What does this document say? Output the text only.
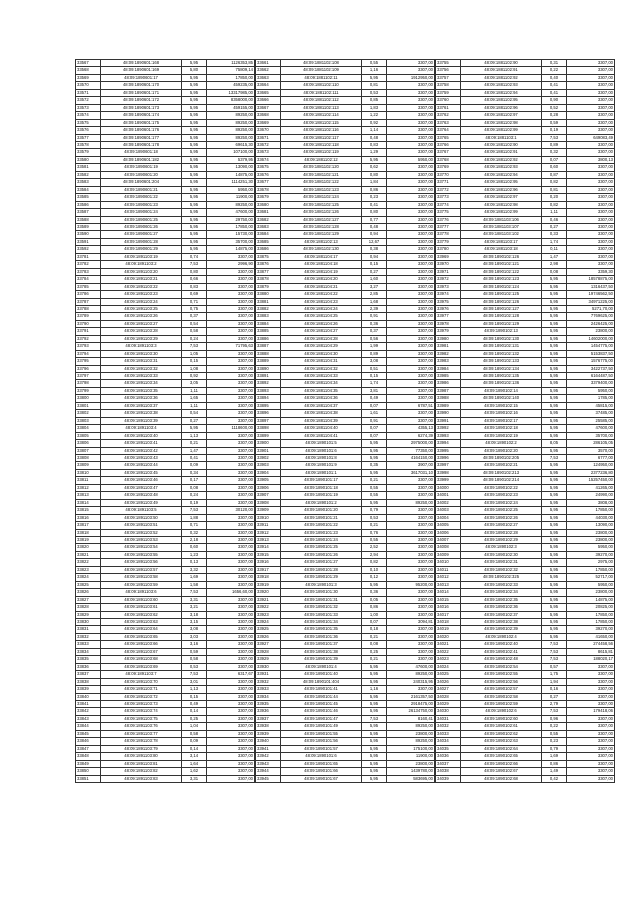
33567	48:09:1890601:168	5,95	1126353,85
33568	48:09:1890601:169	5,80	75809,14
33569	48:09:1890601:17	5,95	17850,00
33570	48:09:1890601:170	5,95	459235,00
33571	48:09:1890601:171	5,95	13317985,00
33572	48:09:1890601:172	5,95	8358000,00
33573	48:09:1890601:173	5,95	459155,00
33574	48:09:1890601:174	5,95	89250,00
33575	48:09:1890601:175	5,95	89250,00
33576	48:09:1890601:176	5,95	89250,00
33577	48:09:1890601:177	5,95	89250,00
33578	48:09:1890601:178	5,95	69615,30
33579	48:09:1890601:18	5,95	107100,00
33580	48:09:1890601:182	5,95	5379,95
33581	48:09:1890601:19	5,95	13090,00
33582	48:09:1890601:20	5,95	14875,00
33583	48:09:1890601:204	5,95	1114251,30
33584	48:09:1890601:21	5,95	5950,00
33585	48:09:1890601:22	5,95	11900,00
33586	48:09:1890601:23	5,95	89250,00
33587	48:09:1890601:24	5,95	47600,00
33588	48:09:1890601:25	5,95	29750,00
33589	48:09:1890601:26	5,95	17850,00
33590	48:09:1890601:27	5,95	15730,00
33591	48:09:1890601:28	5,95	35700,00
33592	48:09:1890601:29	5,95	14875,00
33781	48:09:1891103:19	0,74	3307,00
33782	48:09:1891103:2	7,53	2996,90
33783	48:09:1891103:20	0,80	3307,00
33784	48:09:1891103:21	0,66	3307,00
33785	48:09:1891103:22	0,83	3307,00
33786	48:09:1891103:23	0,69	3307,00
33787	48:09:1891103:24	0,71	3307,00
33788	48:09:1891103:25	0,75	3307,00
33789	48:09:1891103:26	0,37	3307,00
33790	48:09:1891103:27	0,54	3307,00
33791	48:09:1891103:28	0,58	3307,00
33792	48:09:1891103:29	0,24	3307,00
33793	48:09:1891103:3	7,53	71795,63
33794	48:09:1891103:30	1,05	3307,00
33795	48:09:1891103:31	0,15	3307,00
33796	48:09:1891103:32	1,08	3307,00
33797	48:09:1891103:33	0,92	3307,00
33798	48:09:1891103:34	3,05	3307,00
33799	48:09:1891103:35	1,11	3307,00
33800	48:09:1891103:36	1,65	3307,00
33801	48:09:1891103:37	1,11	3307,00
33802	48:09:1891103:38	0,54	3307,00
33803	48:09:1891103:39	0,27	3307,00
33804	48:09:1891103:4	5,95	1118600,00
33805	48:09:1891103:40	1,13	3307,00
33806	48:09:1891103:41	0,21	3307,00
33807	48:09:1891103:42	1,47	3307,00
33808	48:09:1891103:43	0,41	3307,00
33809	48:09:1891103:44	0,09	3307,00
33810	48:09:1891103:45	0,34	3307,00
33811	48:09:1891103:46	0,17	3307,00
33812	48:09:1891103:47	0,08	3307,00
33813	48:09:1891103:48	0,24	3307,00
33814	48:09:1891103:49	0,19	3307,00
33815	48:09:1891103:5	7,53	30120,00
33816	48:09:1891103:50	1,88	3307,00
33817	48:09:1891103:51	0,71	3307,00
33818	48:09:1891103:52	0,32	3307,00
33819	48:09:1891103:53	2,18	3307,00
33820	48:09:1891103:54	0,60	3307,00
33821	48:09:1891103:55	1,23	3307,00
33822	48:09:1891103:56	0,13	3307,00
33823	48:09:1891103:57	3,32	3307,00
33824	48:09:1891103:58	1,69	3307,00
33825	48:09:1891103:59	1,58	3307,00
33826	48:09:1891103:6	7,53	1656,60,00
33827	48:09:1891103:60	3,31	3307,00
33828	48:09:1891103:61	3,21	3307,00
33829	48:09:1891103:62	3,18	3307,00
33830	48:09:1891103:63	3,15	3307,00
33831	48:09:1891103:64	3,08	3307,00
33832	48:09:1891103:65	3,03	3307,00
33833	48:09:1891103:66	3,16	3307,00
33834	48:09:1891103:67	0,59	3307,00
33835	48:09:1891103:68	0,58	3307,00
33836	48:09:1891103:69	0,53	3307,00
33837	48:09:1891103:7	7,53	6317,67
33838	48:09:1891103:70	3,01	3307,00
33839	48:09:1891103:71	1,13	3307,00
33840	48:09:1891103:72	0,15	3307,00
33841	48:09:1891103:73	0,49	3307,00
33842	48:09:1891103:74	0,14	3307,00
33843	48:09:1891103:75	0,25	3307,00
33844	48:09:1891103:76	1,04	3307,00
33845	48:09:1891103:77	0,58	3307,00
33846	48:09:1891103:78	0,09	3307,00
33847	48:09:1891103:79	0,14	3307,00
33848	48:09:1891103:80	3,14	3307,00
33849	48:09:1891103:81	1,64	3307,00
33850	48:09:1891103:82	1,62	3307,00
33851	48:09:1891103:83	3,31	3307,00
33661	48:09:1881102:108	0,55	3307,00
33662	48:09:1881102:109	1,16	3307,00
33663	48:09:1881102:11	5,95	1912950,00
33664	48:09:1881102:110	0,81	3307,00
33665	48:09:1881102:111	0,53	3307,00
33666	48:09:1881102:112	0,85	3307,00
33667	48:09:1881102:113	1,83	3307,00
33668	48:09:1881102:114	1,22	3307,00
33669	48:09:1881102:115	0,92	3307,00
33670	48:09:1881102:116	1,14	3307,00
33671	48:09:1881102:117	0,48	3307,00
33672	48:09:1881102:118	0,83	3307,00
33673	48:09:1881102:119	1,29	3307,00
33674	48:09:1881102:12	5,95	5950,00
33675	48:09:1881102:120	0,62	3307,00
33676	48:09:1881102:121	0,80	3307,00
33677	48:09:1881102:122	1,84	3307,00
33678	48:09:1881102:123	0,86	3307,00
33679	48:09:1881102:124	0,23	3307,00
33680	48:09:1881102:125	0,41	3307,00
33681	48:09:1881102:126	0,80	3307,00
33682	48:09:1881102:127	0,77	3307,00
33683	48:09:1881102:128	0,48	3307,00
33684	48:09:1881102:129	0,94	3307,00
33685	48:09:1881102:13	12,67	3307,00
33686	48:09:1881102:130	0,38	3307,00
33875	48:09:1881104:17	0,94	3307,00
33876	48:09:1881104:18	0,15	3307,00
33877	48:09:1881104:19	0,27	3307,00
33878	48:09:1881104:20	1,60	3307,00
33879	48:09:1881104:21	3,27	3307,00
33880	48:09:1881104:22	2,85	3307,00
33881	48:09:1881104:23	1,68	3307,00
33882	48:09:1881104:24	2,39	3307,00
33883	48:09:1881104:25	0,91	3307,00
33884	48:09:1881104:26	0,36	3307,00
33885	48:09:1881104:27	0,37	3307,00
33886	48:09:1881104:28	0,56	3307,00
33887	48:09:1881104:29	1,99	3307,00
33888	48:09:1881104:30	0,89	3307,00
33889	48:09:1881104:31	3,08	3307,00
33890	48:09:1881104:32	0,51	3307,00
33891	48:09:1881104:33	0,15	3307,00
33892	48:09:1881104:34	1,74	3307,00
33893	48:09:1881104:35	3,81	3307,00
33894	48:09:1881104:36	0,49	3307,00
33895	48:09:1881104:37	0,07	6787,51
33896	48:09:1881104:38	1,61	3307,00
33897	48:09:1881104:39	0,91	3307,00
33898	48:09:1881104:40	0,07	4355,13
33899	48:09:1881104:41	0,07	6274,39
33900	48:09:1890101:5	5,95	2975000,00
33901	48:09:1890101:6	5,95	77350,00
33902	48:09:1890101:8	5,95	4164150,00
33903	48:09:1890101:9	0,35	3907,00
33904	48:09:1890101:1	5,95	3617031,10
33905	48:09:1890101:17	0,21	3307,00
33906	48:09:1890101:18	0,55	3307,00
33907	48:09:1890101:19	0,55	3307,00
33908	48:09:1890101:2	5,95	89250,00
33909	48:09:1890101:20	0,79	3307,00
33910	48:09:1890101:21	0,53	3307,00
33911	48:09:1890101:22	0,21	3307,00
33912	48:09:1890101:23	0,76	3307,00
33913	48:09:1890101:24	0,55	3307,00
33914	48:09:1890101:25	2,52	3307,00
33915	48:09:1890101:26	2,94	3307,00
33916	48:09:1890101:27	0,82	3307,00
33917	48:09:1890101:28	0,10	3307,00
33918	48:09:1890101:29	0,12	3307,00
33919	48:09:1890101:3	5,95	95200,00
33920	48:09:1890101:30	0,36	3307,00
33921	48:09:1890101:31	0,05	3307,00
33922	48:09:1890101:32	0,86	3307,00
33923	48:09:1890101:33	1,00	3307,00
33924	48:09:1890101:34	0,07	3094,81
33925	48:09:1890101:35	0,18	3307,00
33926	48:09:1890101:36	0,21	3307,00
33927	48:09:1890101:37	0,08	3307,00
33928	48:09:1890101:38	0,25	3307,00
33929	48:09:1890101:39	0,21	3307,00
33930	48:09:1890101:4	5,95	47600,00
33931	48:09:1890101:40	5,95	89250,00
33932	48:09:1890101:404	5,95	240315,95
33933	48:09:1890101:41	1,16	3307,00
33934	48:09:1890101:44	5,95	2161357,50
33935	48:09:1890101:45	5,95	2918475,00
33936	48:09:1890101:46	5,95	26134750,00
33937	48:09:1890101:47	7,53	8160,41
33938	48:09:1890101:49	5,95	89250,00
33939	48:09:1890101:55	5,95	23800,00
33940	48:09:1890101:56	5,95	89250,00
33941	48:09:1890101:57	5,95	175100,00
33942	48:09:1890101:6	5,95	11900,00
33943	48:09:1890101:65	5,95	23800,00
33944	48:09:1890101:66	5,95	1439780,00
33945	48:09:1890101:67	5,95	583695,00
33755	48:09:1881102:90	0,31	3307,00
33756	48:09:1881102:91	0,22	3307,00
33757	48:09:1881102:92	0,40	3307,00
33758	48:09:1881102:93	0,41	3307,00
33759	48:09:1881102:94	0,41	3307,00
33760	48:09:1881102:95	0,90	3307,00
33761	48:09:1881102:96	0,52	3307,00
33762	48:09:1881102:97	0,28	3307,00
33763	48:09:1881102:98	0,59	3307,00
33764	48:09:1881102:99	0,19	3307,00
33765	48:09:1881103:1	7,53	649083,49
33766	48:09:1881102:90	0,89	3307,00
33767	48:09:1881102:91	0,32	3307,00
33768	48:09:1881102:92	0,07	3800,13
33769	48:09:1881102:93	0,60	3307,00
33770	48:09:1881102:94	0,87	3307,00
33771	48:09:1881102:95	0,82	3307,00
33772	48:09:1881102:96	0,81	3307,00
33773	48:09:1881102:97	0,20	3307,00
33774	48:09:1881102:98	0,82	3307,00
33775	48:09:1881102:99	1,11	3307,00
33776	48:09:1881103:106	0,46	3307,00
33777	48:09:1881103:107	0,27	3307,00
33778	48:09:1881103:102	0,33	3307,00
33779	48:09:1881103:17	1,74	3307,00
33780	48:09:1881103:18	0,11	3307,00
33969	48:09:1890102:126	1,47	3307,00
33970	48:09:1890102:121	2,98	3307,00
33971	48:09:1890102:122	0,08	3359,30
33972	48:09:1890102:123	5,95	18578875,00
33973	48:09:1890102:124	5,95	1316437,50
33974	48:09:1890102:125	5,95	19746562,50
33975	48:09:1890102:126	5,95	34971225,00
33976	48:09:1890102:127	5,95	5271,70,00
33977	48:09:1890102:128	5,95	7769625,00
33978	48:09:1890102:129	5,95	2426425,00
33979	48:09:1890102:13	5,95	23800,00
33980	48:09:1890102:130	5,95	14602000,00
33981	48:09:1890102:131	5,95	1454775,00
33982	48:09:1890102:132	5,95	5153837,50
33983	48:09:1890102:133	5,95	1576775,00
33984	48:09:1890102:134	5,95	3422737,50
33985	48:09:1890102:135	5,95	6164487,50
33986	48:09:1890102:136	5,95	3379400,00
33987	48:09:1890102:14	5,95	5950,00
33988	48:09:1890102:140	5,95	1785,00
33989	48:09:1890102:15	5,95	45815,00
33990	48:09:1890102:16	5,95	37485,00
33991	48:09:1890102:17	5,95	25585,00
33992	48:09:1890102:18	5,95	47600,00
33993	48:09:1890102:19	5,95	35700,00
33994	48:09:1890102:2	8,05	286105,05
33995	48:09:1890102:20	5,95	3570,00
33996	48:09:1890102:205	7,53	6777,00
33997	48:09:1890102:21	5,95	124950,00
33998	48:09:1890102:213	5,95	2377236,80
33999	48:09:1890102:214	5,95	15257450,00
34000	48:09:1890102:22	5,95	41265,00
34001	48:09:1890102:23	5,95	24990,00
34002	48:09:1890102:24	5,95	3808,00
34003	48:09:1890102:25	5,95	17850,00
34004	48:09:1890102:26	5,95	44030,00
34005	48:09:1890102:27	5,95	13090,00
34006	48:09:1890102:28	5,95	23800,00
34007	48:09:1890102:29	5,95	23800,00
34008	48:09:1890102:3	5,95	5950,00
34009	48:09:1890102:30	5,95	39270,00
34010	48:09:1890102:31	5,95	2975,00
34011	48:09:1890102:32	5,95	17850,00
34012	48:09:1890102:325	5,95	52717,00
34013	48:09:1890102:33	5,95	5950,00
34014	48:09:1890102:34	5,95	23800,00
34015	48:09:1890102:35	5,95	14875,00
34016	48:09:1890102:36	5,95	20825,00
34017	48:09:1890102:37	5,95	17850,00
34018	48:09:1890102:38	5,95	17850,00
34019	48:09:1890102:39	5,95	39270,00
34020	48:09:1890102:4	5,95	41650,00
34021	48:09:1890102:40	7,53	274458,56
34022	48:09:1890102:41	7,53	8615,81
34023	48:09:1890102:48	7,53	188020,17
34024	48:09:1890102:54	0,57	3307,00
34025	48:09:1890102:55	1,75	3307,00
34026	48:09:1890102:56	1,94	3307,00
34027	48:09:1890102:57	0,16	3307,00
34028	48:09:1890102:58	0,27	3307,00
34029	48:09:1890102:59	2,79	3307,00
34030	48:09:1890102:6	7,53	179418,06
34031	48:09:1890102:60	0,96	3307,00
34032	48:09:1890102:61	0,22	3307,00
34033	48:09:1890102:62	0,55	3307,00
34034	48:09:1890102:63	0,23	3307,00
34035	48:09:1890102:64	0,79	3307,00
34036	48:09:1890102:65	1,69	3307,00
34037	48:09:1890102:66	0,86	3307,00
34038	48:09:1890102:67	1,49	3307,00
34039	48:09:1890102:68	0,42	3307,00
